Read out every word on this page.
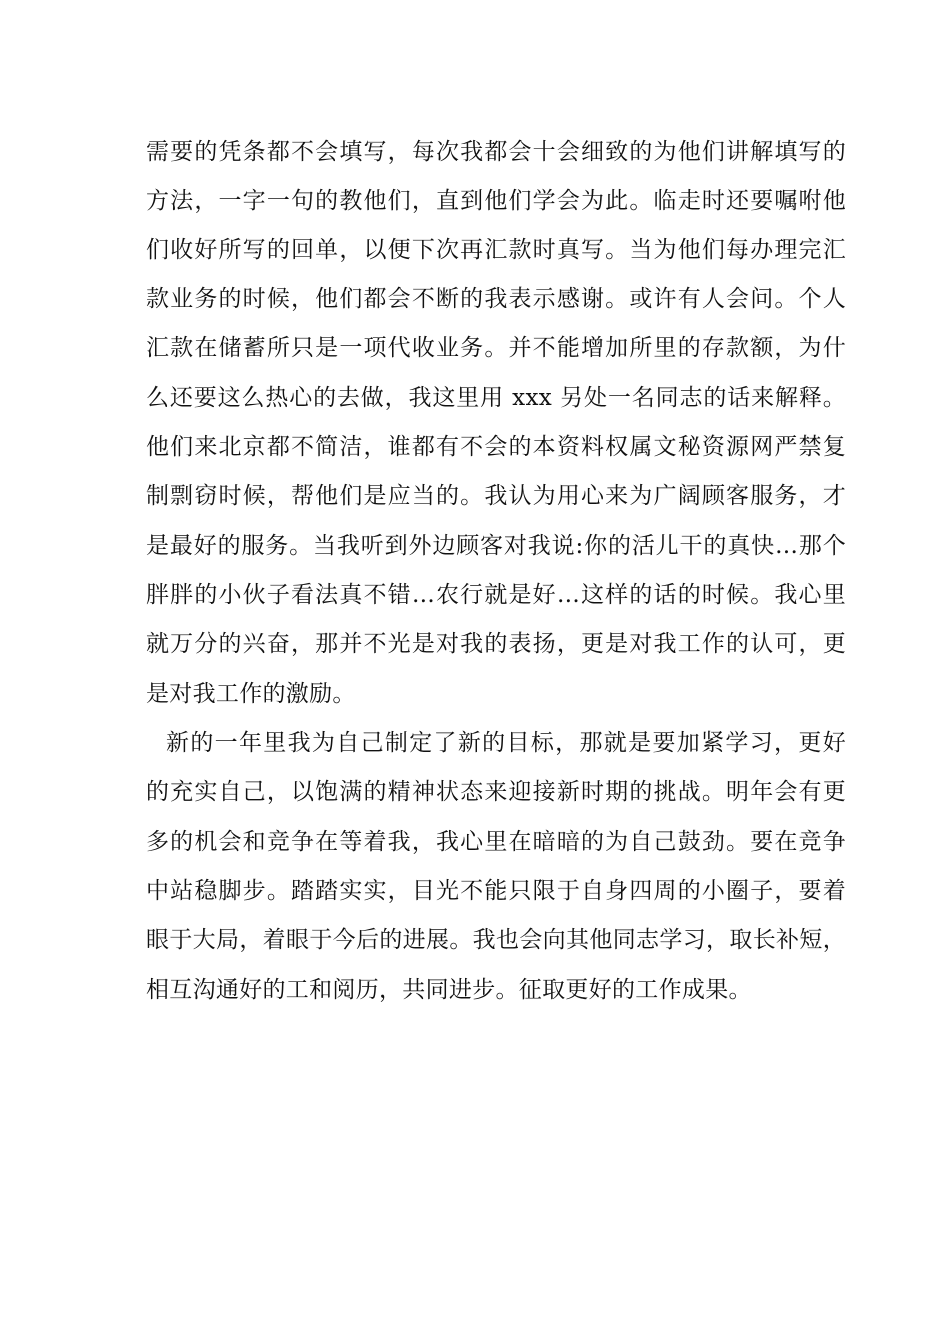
需要的凭条都不会填写，每次我都会十会细致的为他们讲解填写的
方法，一字一句的教他们，直到他们学会为此。临走时还要嘱咐他
们收好所写的回单，以便下次再汇款时真写。当为他们每办理完汇
款业务的时候，他们都会不断的我表示感谢。或许有人会问。个人
汇款在储蓄所只是一项代收业务。并不能增加所里的存款额，为什
么还要这么热心的去做，我这里用 xxx 另处一名同志的话来解释。
他们来北京都不简洁，谁都有不会的本资料权属文秘资源网严禁复
制剽窃时候，帮他们是应当的。我认为用心来为广阔顾客服务，才
是最好的服务。当我听到外边顾客对我说:你的活儿干的真快…那个
胖胖的小伙子看法真不错…农行就是好…这样的话的时候。我心里
就万分的兴奋，那并不光是对我的表扬，更是对我工作的认可，更
是对我工作的激励。
新的一年里我为自己制定了新的目标，那就是要加紧学习，更好
的充实自己，以饱满的精神状态来迎接新时期的挑战。明年会有更
多的机会和竞争在等着我，我心里在暗暗的为自己鼓劲。要在竞争
中站稳脚步。踏踏实实，目光不能只限于自身四周的小圈子，要着
眼于大局，着眼于今后的进展。我也会向其他同志学习，取长补短，
相互沟通好的工和阅历，共同进步。征取更好的工作成果。
